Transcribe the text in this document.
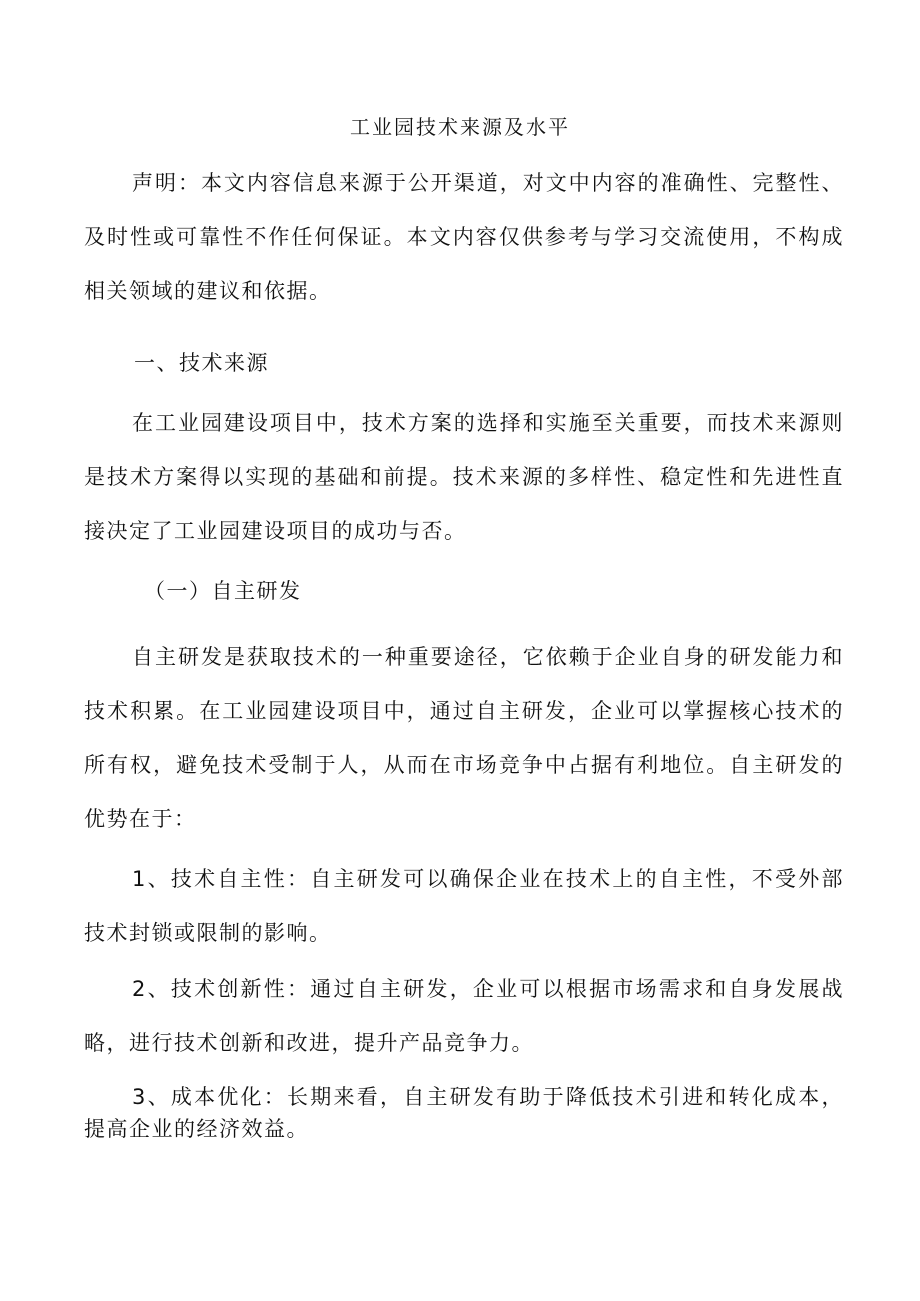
工业园技术来源及水平

声明：本文内容信息来源于公开渠道，对文中内容的准确性、完整性、及时性或可靠性不作任何保证。本文内容仅供参考与学习交流使用，不构成相关领域的建议和依据。

一、技术来源

在工业园建设项目中，技术方案的选择和实施至关重要，而技术来源则是技术方案得以实现的基础和前提。技术来源的多样性、稳定性和先进性直接决定了工业园建设项目的成功与否。

（一）自主研发

自主研发是获取技术的一种重要途径，它依赖于企业自身的研发能力和技术积累。在工业园建设项目中，通过自主研发，企业可以掌握核心技术的所有权，避免技术受制于人，从而在市场竞争中占据有利地位。自主研发的优势在于：

1、技术自主性：自主研发可以确保企业在技术上的自主性，不受外部技术封锁或限制的影响。

2、技术创新性：通过自主研发，企业可以根据市场需求和自身发展战略，进行技术创新和改进，提升产品竞争力。

3、成本优化：长期来看，自主研发有助于降低技术引进和转化成本，提高企业的经济效益。
